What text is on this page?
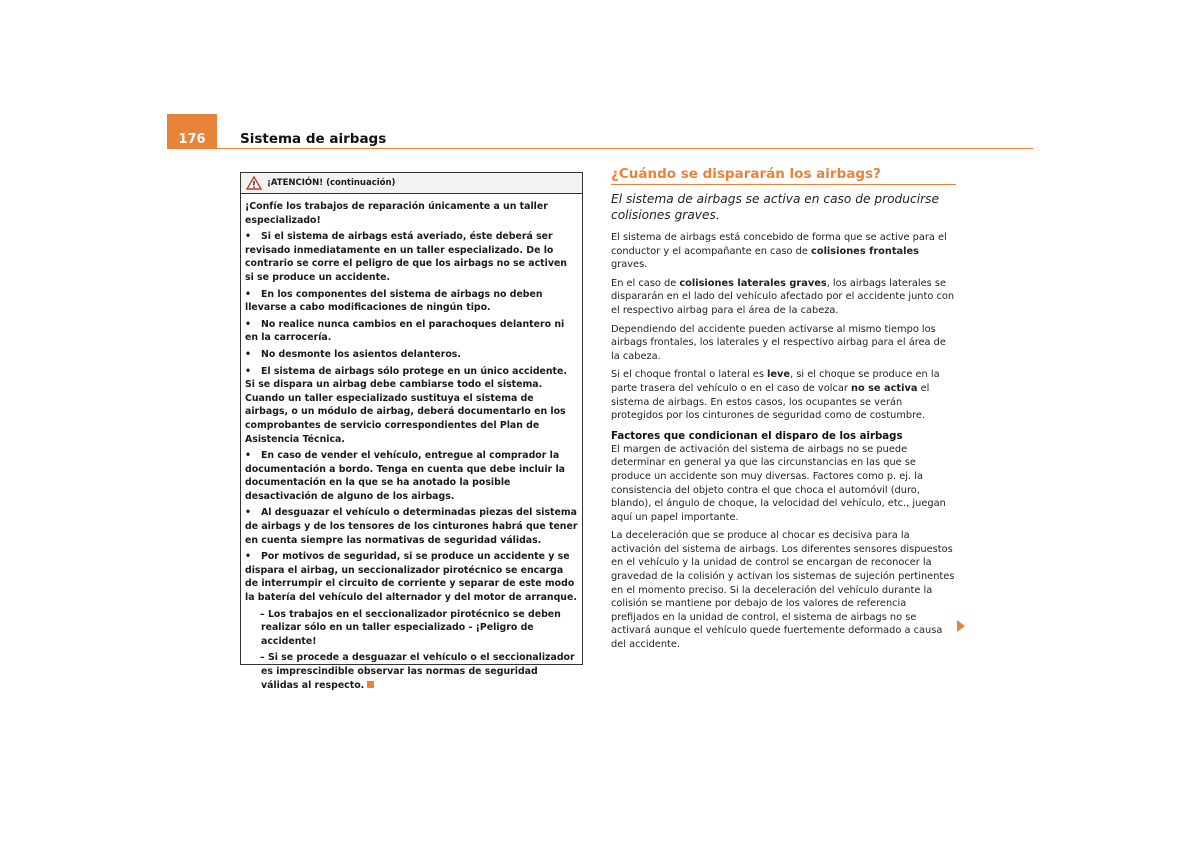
176	Sistema de airbags
¡ATENCIÓN! (continuación)

¡Confíe los trabajos de reparación únicamente a un taller especializado!

• Si el sistema de airbags está averiado, éste deberá ser revisado inmediatamente en un taller especializado. De lo contrario se corre el peligro de que los airbags no se activen si se produce un accidente.

• En los componentes del sistema de airbags no deben llevarse a cabo modificaciones de ningún tipo.

• No realice nunca cambios en el parachoques delantero ni en la carrocería.

• No desmonte los asientos delanteros.

• El sistema de airbags sólo protege en un único accidente. Si se dispara un airbag debe cambiarse todo el sistema. Cuando un taller especializado sustituya el sistema de airbags, o un módulo de airbag, deberá documentarlo en los comprobantes de servicio correspondientes del Plan de Asistencia Técnica.

• En caso de vender el vehículo, entregue al comprador la documentación a bordo. Tenga en cuenta que debe incluir la documentación en la que se ha anotado la posible desactivación de alguno de los airbags.

• Al desguazar el vehículo o determinadas piezas del sistema de airbags y de los tensores de los cinturones habrá que tener en cuenta siempre las normativas de seguridad válidas.

• Por motivos de seguridad, si se produce un accidente y se dispara el airbag, un seccionalizador pirotécnico se encarga de interrumpir el circuito de corriente y separar de este modo la batería del vehículo del alternador y del motor de arranque.

– Los trabajos en el seccionalizador pirotécnico se deben realizar sólo en un taller especializado - ¡Peligro de accidente!

– Si se procede a desguazar el vehículo o el seccionalizador es imprescindible observar las normas de seguridad válidas al respecto.

¿Cuándo se dispararán los airbags?

El sistema de airbags se activa en caso de producirse colisiones graves.

El sistema de airbags está concebido de forma que se active para el conductor y el acompañante en caso de colisiones frontales graves.

En el caso de colisiones laterales graves, los airbags laterales se dispararán en el lado del vehículo afectado por el accidente junto con el respectivo airbag para el área de la cabeza.

Dependiendo del accidente pueden activarse al mismo tiempo los airbags frontales, los laterales y el respectivo airbag para el área de la cabeza.

Si el choque frontal o lateral es leve, si el choque se produce en la parte trasera del vehículo o en el caso de volcar no se activa el sistema de airbags. En estos casos, los ocupantes se verán protegidos por los cinturones de seguridad como de costumbre.

Factores que condicionan el disparo de los airbags

El margen de activación del sistema de airbags no se puede determinar en general ya que las circunstancias en las que se produce un accidente son muy diversas. Factores como p. ej. la consistencia del objeto contra el que choca el automóvil (duro, blando), el ángulo de choque, la velocidad del vehículo, etc., juegan aquí un papel importante.

La deceleración que se produce al chocar es decisiva para la activación del sistema de airbags. Los diferentes sensores dispuestos en el vehículo y la unidad de control se encargan de reconocer la gravedad de la colisión y activan los sistemas de sujeción pertinentes en el momento preciso. Si la deceleración del vehículo durante la colisión se mantiene por debajo de los valores de referencia prefijados en la unidad de control, el sistema de airbags no se activará aunque el vehículo quede fuertemente deformado a causa del accidente.
